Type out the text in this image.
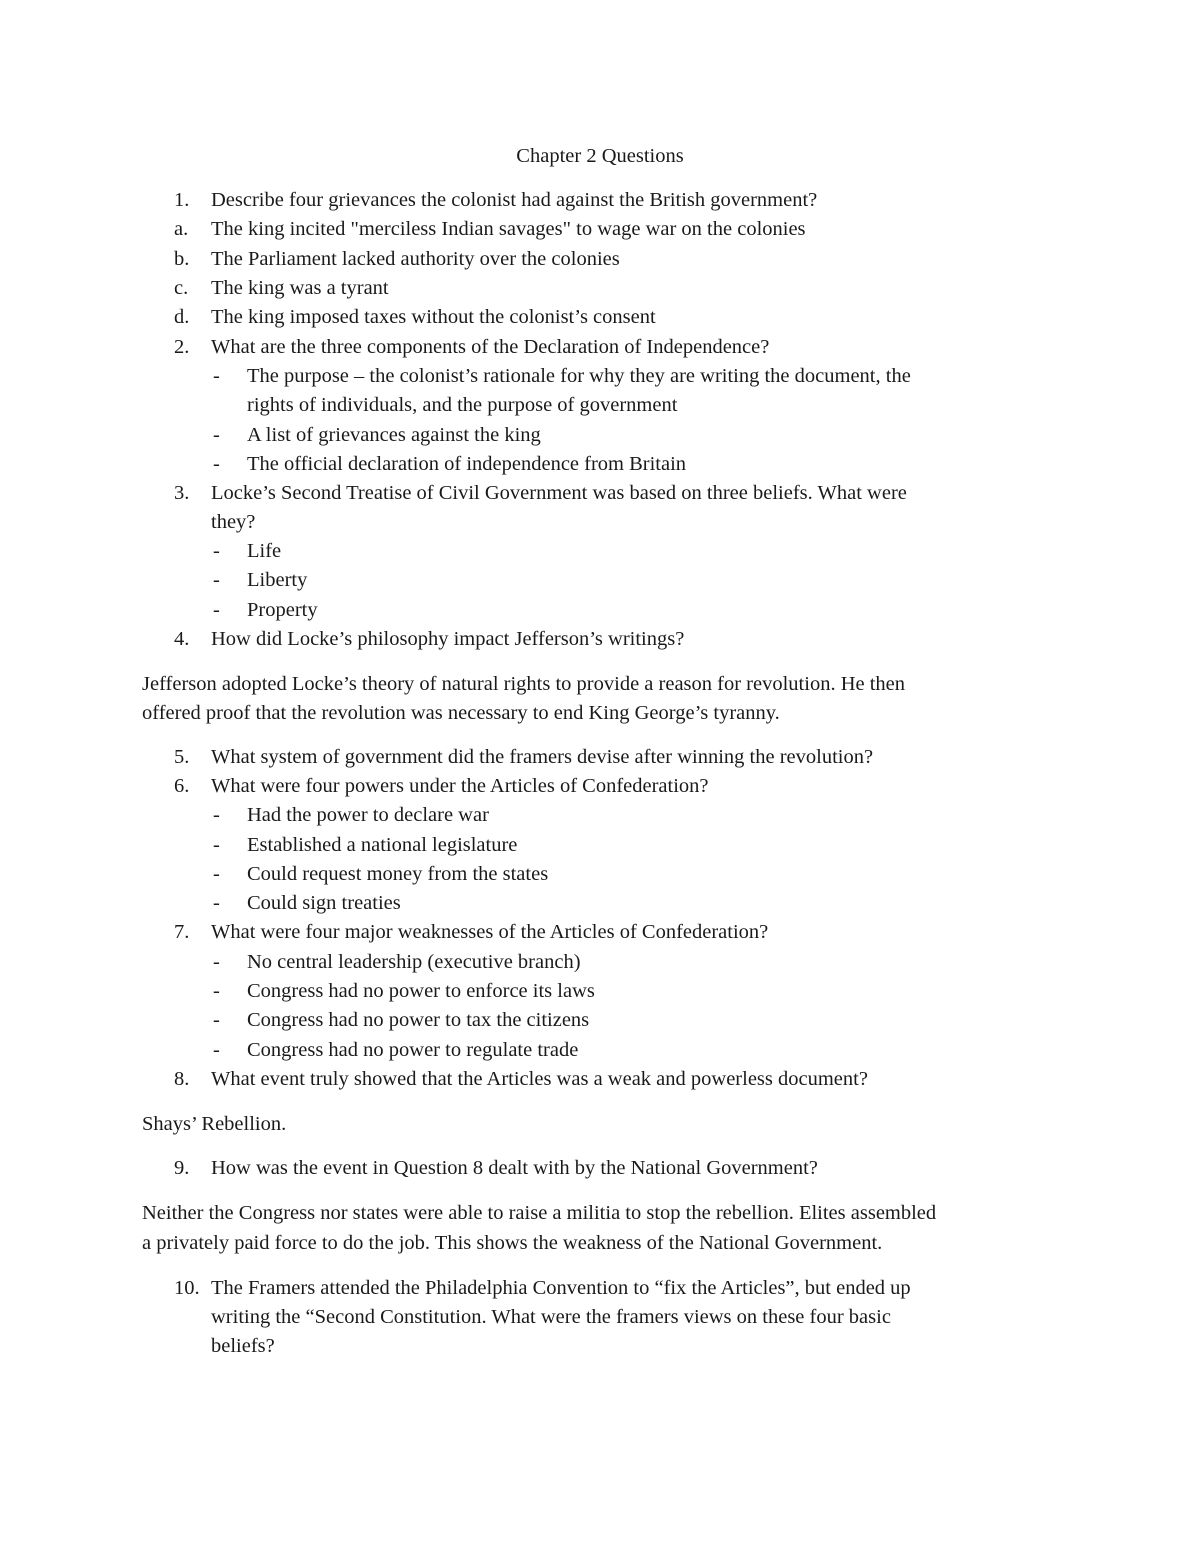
Chapter 2 Questions
1. Describe four grievances the colonist had against the British government?
a. The king incited "merciless Indian savages" to wage war on the colonies
b. The Parliament lacked authority over the colonies
c. The king was a tyrant
d. The king imposed taxes without the colonist’s consent
2. What are the three components of the Declaration of Independence?
- The purpose – the colonist’s rationale for why they are writing the document, the
rights of individuals, and the purpose of government
- A list of grievances against the king
- The official declaration of independence from Britain
3. Locke’s Second Treatise of Civil Government was based on three beliefs. What were
they?
- Life
- Liberty
- Property
4. How did Locke’s philosophy impact Jefferson’s writings?
Jefferson adopted Locke’s theory of natural rights to provide a reason for revolution. He then
offered proof that the revolution was necessary to end King George’s tyranny.
5. What system of government did the framers devise after winning the revolution?
6. What were four powers under the Articles of Confederation?
- Had the power to declare war
- Established a national legislature
- Could request money from the states
- Could sign treaties
7. What were four major weaknesses of the Articles of Confederation?
- No central leadership (executive branch)
- Congress had no power to enforce its laws
- Congress had no power to tax the citizens
- Congress had no power to regulate trade
8. What event truly showed that the Articles was a weak and powerless document?
Shays’ Rebellion.
9. How was the event in Question 8 dealt with by the National Government?
Neither the Congress nor states were able to raise a militia to stop the rebellion. Elites assembled
a privately paid force to do the job. This shows the weakness of the National Government.
10. The Framers attended the Philadelphia Convention to “fix the Articles”, but ended up
writing the “Second Constitution. What were the framers views on these four basic
beliefs?
